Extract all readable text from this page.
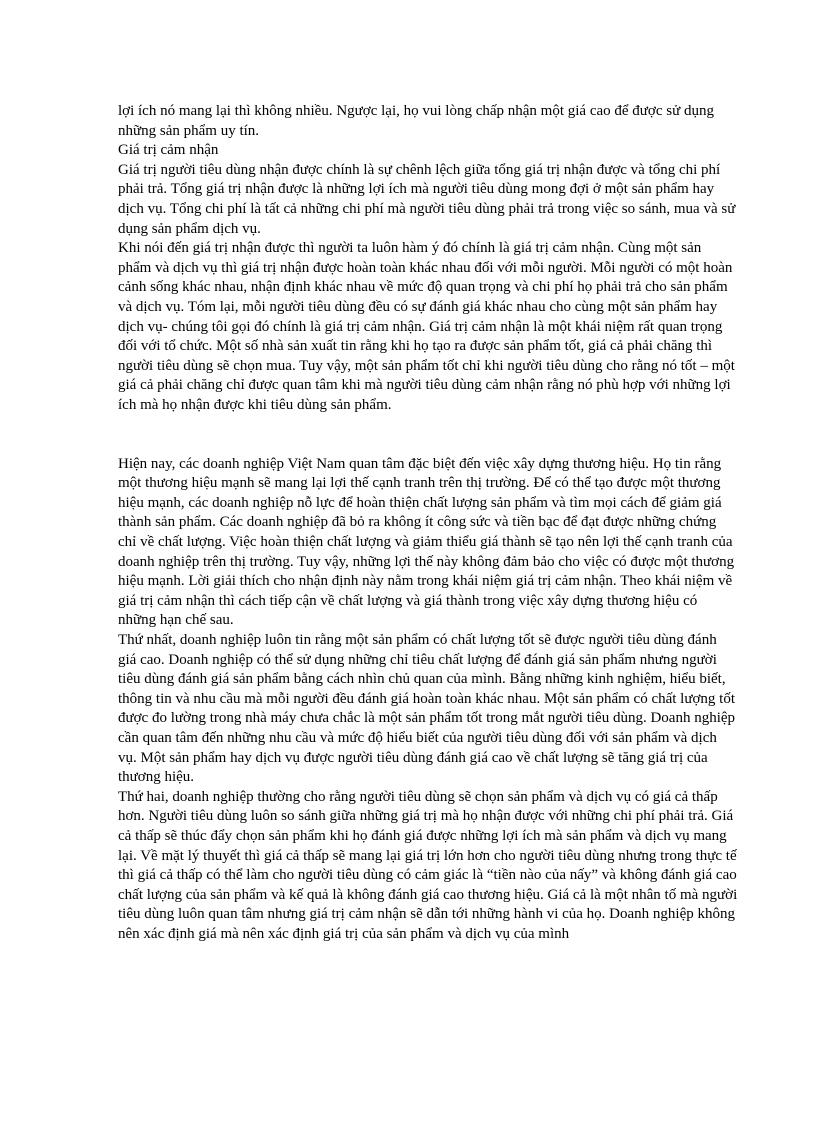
lợi ích nó mang lại thì không nhiều. Ngược lại, họ vui lòng chấp nhận một giá cao để được sử dụng những sản phẩm uy tín.

Giá trị cảm nhận

Giá trị người tiêu dùng nhận được chính là sự chênh lệch giữa tổng giá trị nhận được và tổng chi phí phải trả. Tổng giá trị nhận được là những lợi ích mà người tiêu dùng mong đợi ở một sản phẩm hay dịch vụ. Tổng chi phí là tất cả những chi phí mà người tiêu dùng phải trả trong việc so sánh, mua và sử dụng sản phẩm dịch vụ.

Khi nói đến giá trị nhận được thì người ta luôn hàm ý đó chính là giá trị cảm nhận. Cùng một sản phẩm và dịch vụ thì giá trị nhận được hoàn toàn khác nhau đối với mỗi người. Mỗi người có một hoàn cảnh sống khác nhau, nhận định khác nhau về mức độ quan trọng và chi phí họ phải trả cho sản phẩm và dịch vụ. Tóm lại, mỗi người tiêu dùng đều có sự đánh giá khác nhau cho cùng một sản phẩm hay dịch vụ- chúng tôi gọi đó chính là giá trị cảm nhận. Giá trị cảm nhận là một khái niệm rất quan trọng đối với tổ chức. Một số nhà sản xuất tin rằng khi họ tạo ra được sản phẩm tốt, giá cả phải chăng thì người tiêu dùng sẽ chọn mua. Tuy vậy, một sản phẩm tốt chỉ khi người tiêu dùng cho rằng nó tốt – một giá cả phải chăng chỉ được quan tâm khi mà người tiêu dùng cảm nhận rằng nó phù hợp với những lợi ích mà họ nhận được khi tiêu dùng sản phẩm.

Hiện nay, các doanh nghiệp Việt Nam quan tâm đặc biệt đến việc xây dựng thương hiệu. Họ tin rằng một thương hiệu mạnh sẽ mang lại lợi thế cạnh tranh trên thị trường. Để có thể tạo được một thương hiệu mạnh, các doanh nghiệp nỗ lực để hoàn thiện chất lượng sản phẩm và tìm mọi cách để giảm giá thành sản phẩm. Các doanh nghiệp đã bỏ ra không ít công sức và tiền bạc để đạt được những chứng chỉ về chất lượng. Việc hoàn thiện chất lượng và giảm thiểu giá thành sẽ tạo nên lợi thế cạnh tranh của doanh nghiệp trên thị trường. Tuy vậy, những lợi thế này không đảm bảo cho việc có được một thương hiệu mạnh. Lời giải thích cho nhận định này nằm trong khái niệm giá trị cảm nhận. Theo khái niệm về giá trị cảm nhận thì cách tiếp cận về chất lượng và giá thành trong việc xây dựng thương hiệu có những hạn chế sau.

Thứ nhất, doanh nghiệp luôn tin rằng một sản phẩm có chất lượng tốt sẽ được người tiêu dùng đánh giá cao. Doanh nghiệp có thể sử dụng những chỉ tiêu chất lượng để đánh giá sản phẩm nhưng người tiêu dùng đánh giá sản phẩm bằng cách nhìn chủ quan của mình. Bằng những kinh nghiệm, hiểu biết, thông tin và nhu cầu mà mỗi người đều đánh giá hoàn toàn khác nhau. Một sản phẩm có chất lượng tốt được đo lường trong nhà máy chưa chắc là một sản phẩm tốt trong mắt người tiêu dùng. Doanh nghiệp cần quan tâm đến những nhu cầu và mức độ hiểu biết của người tiêu dùng đối với sản phẩm và dịch vụ. Một sản phẩm hay dịch vụ được người tiêu dùng đánh giá cao về chất lượng sẽ tăng giá trị của thương hiệu.

Thứ hai, doanh nghiệp thường cho rằng người tiêu dùng sẽ chọn sản phẩm và dịch vụ có giá cả thấp hơn. Người tiêu dùng luôn so sánh giữa những giá trị mà họ nhận được với những chi phí phải trả. Giá cả thấp sẽ thúc đẩy chọn sản phẩm khi họ đánh giá được những lợi ích mà sản phẩm và dịch vụ mang lại. Về mặt lý thuyết thì giá cả thấp sẽ mang lại giá trị lớn hơn cho người tiêu dùng nhưng trong thực tế thì giá cả thấp có thể làm cho người tiêu dùng có cảm giác là “tiền nào của nấy” và không đánh giá cao chất lượng của sản phẩm và kế quả là không đánh giá cao thương hiệu. Giá cả là một nhân tố mà người tiêu dùng luôn quan tâm nhưng giá trị cảm nhận sẽ dẫn tới những hành vi của họ. Doanh nghiệp không nên xác định giá mà nên xác định giá trị của sản phẩm và dịch vụ của mình
